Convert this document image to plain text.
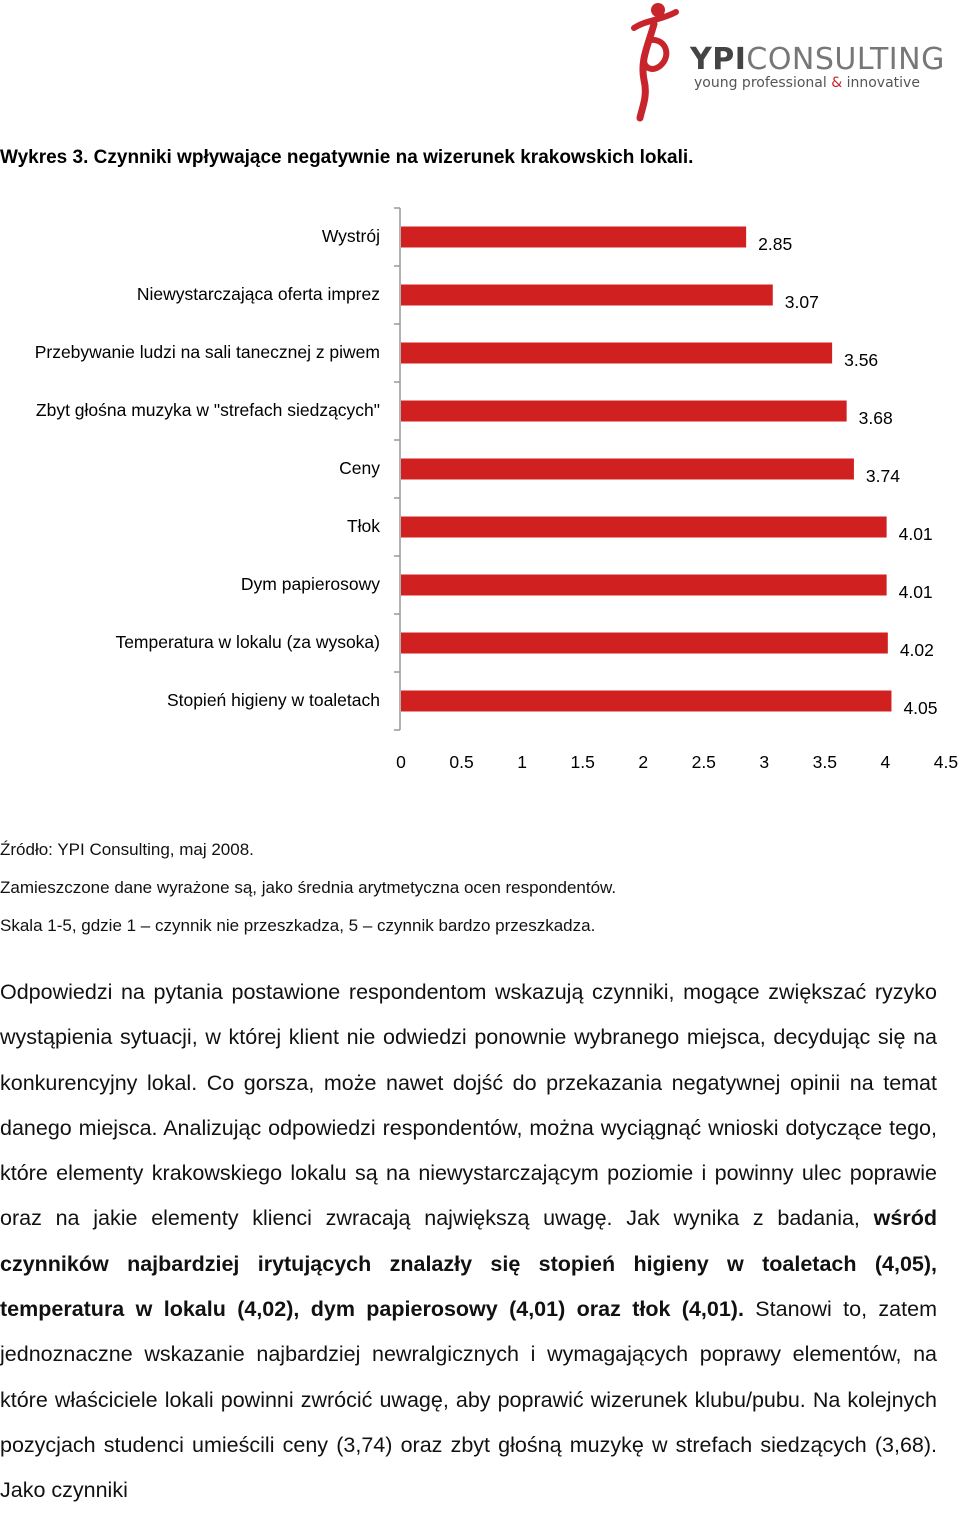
YPICONSULTING
young professional & innovative
Wykres 3. Czynniki wpływające negatywnie na wizerunek krakowskich lokali.
Wystrój	2.85
Niewystarczająca oferta imprez	3.07
Przebywanie ludzi na sali tanecznej z piwem	3.56
Zbyt głośna muzyka w "strefach siedzących"	3.68
Ceny	3.74
Tłok	4.01
Dym papierosowy	4.01
Temperatura w lokalu (za wysoka)	4.02
Stopień higieny w toaletach	4.05
0 0.5 1 1.5 2 2.5 3 3.5 4 4.5
Źródło: YPI Consulting, maj 2008.
Zamieszczone dane wyrażone są, jako średnia arytmetyczna ocen respondentów.
Skala 1-5, gdzie 1 – czynnik nie przeszkadza, 5 – czynnik bardzo przeszkadza.
Odpowiedzi na pytania postawione respondentom wskazują czynniki, mogące zwiększać ryzyko wystąpienia sytuacji, w której klient nie odwiedzi ponownie wybranego miejsca, decydując się na konkurencyjny lokal. Co gorsza, może nawet dojść do przekazania negatywnej opinii na temat danego miejsca. Analizując odpowiedzi respondentów, można wyciągnąć wnioski dotyczące tego, które elementy krakowskiego lokalu są na niewystarczającym poziomie i powinny ulec poprawie oraz na jakie elementy klienci zwracają największą uwagę. Jak wynika z badania, wśród czynników najbardziej irytujących znalazły się stopień higieny w toaletach (4,05), temperatura w lokalu (4,02), dym papierosowy (4,01) oraz tłok (4,01). Stanowi to, zatem jednoznaczne wskazanie najbardziej newralgicznych i wymagających poprawy elementów, na które właściciele lokali powinni zwrócić uwagę, aby poprawić wizerunek klubu/pubu. Na kolejnych pozycjach studenci umieścili ceny (3,74) oraz zbyt głośną muzykę w strefach siedzących (3,68). Jako czynniki
